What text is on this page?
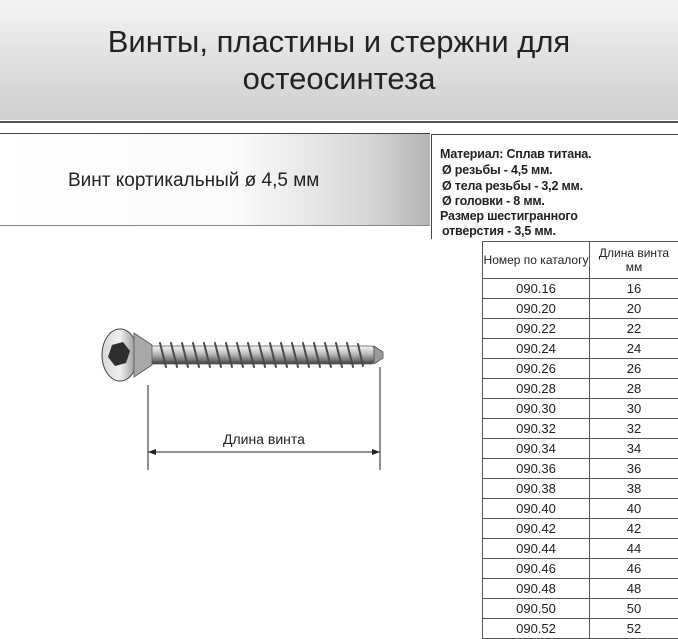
Винты, пластины и стержни для остеосинтеза
Винт кортикальный ø 4,5 мм
Материал: Сплав титана.
Ø резьбы - 4,5 мм.
Ø тела резьбы - 3,2 мм.
Ø головки - 8 мм.
Размер шестигранного
отверстия - 3,5 мм.
Длина винта
Номер по каталогу	Длина винта мм
090.16	16
090.20	20
090.22	22
090.24	24
090.26	26
090.28	28
090.30	30
090.32	32
090.34	34
090.36	36
090.38	38
090.40	40
090.42	42
090.44	44
090.46	46
090.48	48
090.50	50
090.52	52
